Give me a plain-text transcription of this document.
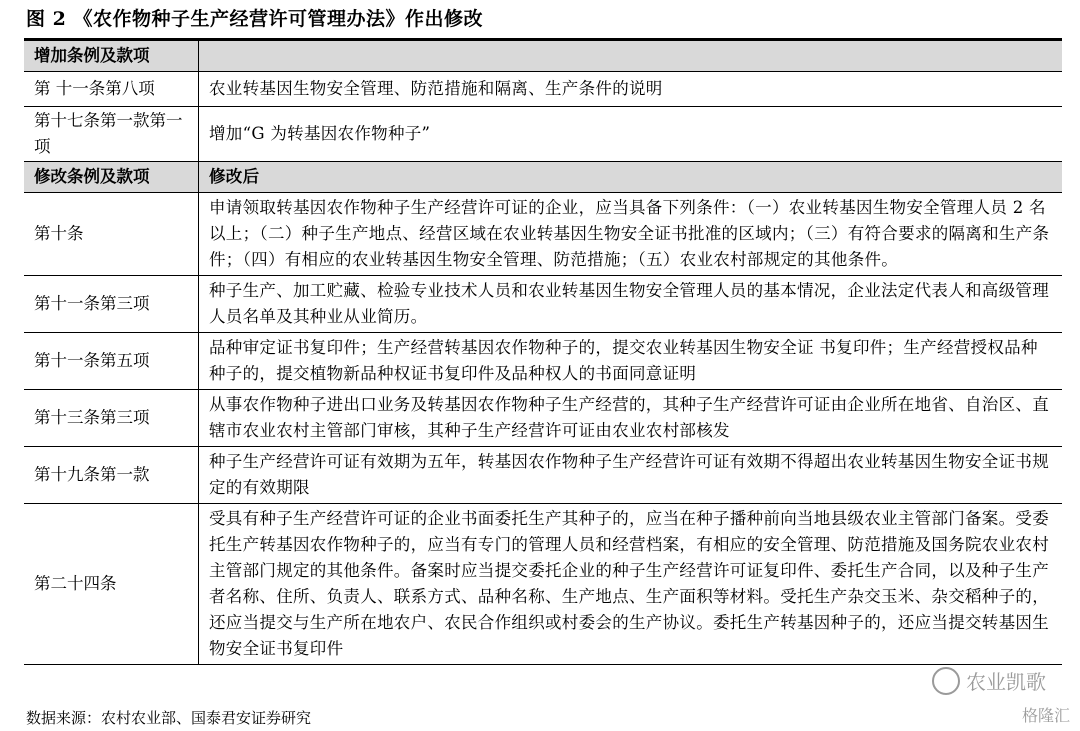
图 2 《农作物种子生产经营许可管理办法》作出修改
增加条例及款项
第 十一条第八项	农业转基因生物安全管理、防范措施和隔离、生产条件的说明
第十七条第一款第一项
增加“G 为转基因农作物种子”
修改条例及款项	修改后
第十条
申请领取转基因农作物种子生产经营许可证的企业，应当具备下列条件：（一）农业转基因生物安全管理人员 2 名以上；（二）种子生产地点、经营区域在农业转基因生物安全证书批准的区域内；（三）有符合要求的隔离和生产条件；（四）有相应的农业转基因生物安全管理、防范措施；（五）农业农村部规定的其他条件。
第十一条第三项
种子生产、加工贮藏、检验专业技术人员和农业转基因生物安全管理人员的基本情况，企业法定代表人和高级管理人员名单及其种业从业简历。
第十一条第五项
品种审定证书复印件；生产经营转基因农作物种子的，提交农业转基因生物安全证 书复印件；生产经营授权品种种子的，提交植物新品种权证书复印件及品种权人的书面同意证明
第十三条第三项
从事农作物种子进出口业务及转基因农作物种子生产经营的，其种子生产经营许可证由企业所在地省、自治区、直辖市农业农村主管部门审核，其种子生产经营许可证由农业农村部核发
第十九条第一款
种子生产经营许可证有效期为五年，转基因农作物种子生产经营许可证有效期不得超出农业转基因生物安全证书规定的有效期限
第二十四条
受具有种子生产经营许可证的企业书面委托生产其种子的，应当在种子播种前向当地县级农业主管部门备案。受委托生产转基因农作物种子的，应当有专门的管理人员和经营档案，有相应的安全管理、防范措施及国务院农业农村主管部门规定的其他条件。备案时应当提交委托企业的种子生产经营许可证复印件、委托生产合同，以及种子生产者名称、住所、负责人、联系方式、品种名称、生产地点、生产面积等材料。受托生产杂交玉米、杂交稻种子的，还应当提交与生产所在地农户、农民合作组织或村委会的生产协议。委托生产转基因种子的，还应当提交转基因生物安全证书复印件
数据来源：农村农业部、国泰君安证券研究
农业凯歌
格隆汇
